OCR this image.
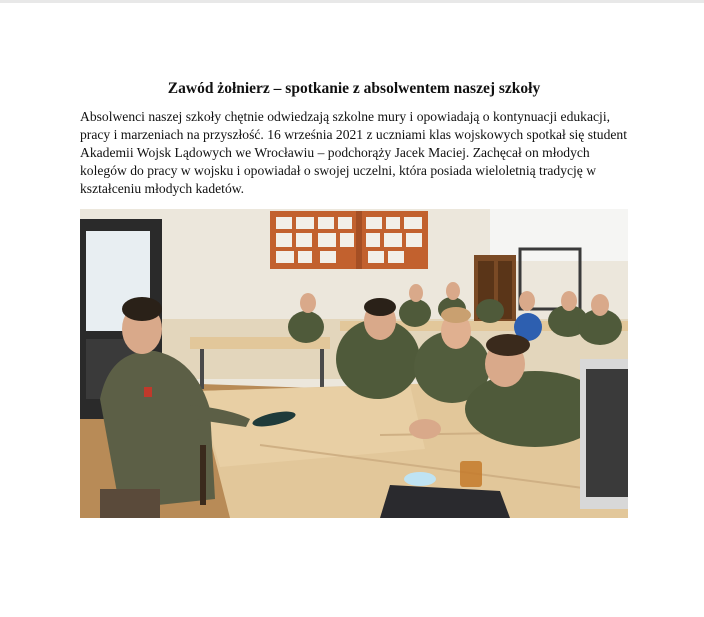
Zawód żołnierz – spotkanie z absolwentem naszej szkoły

Absolwenci naszej szkoły chętnie odwiedzają szkolne mury i opowiadają o kontynuacji edukacji, pracy i marzeniach na przyszłość. 16 września 2021 z uczniami klas wojskowych spotkał się student Akademii Wojsk Lądowych we Wrocławiu – podchorąży Jacek Maciej. Zachęcał on młodych kolegów do pracy w wojsku i opowiadał o swojej uczelni, która posiada wieloletnią tradycję w kształceniu młodych kadetów.
